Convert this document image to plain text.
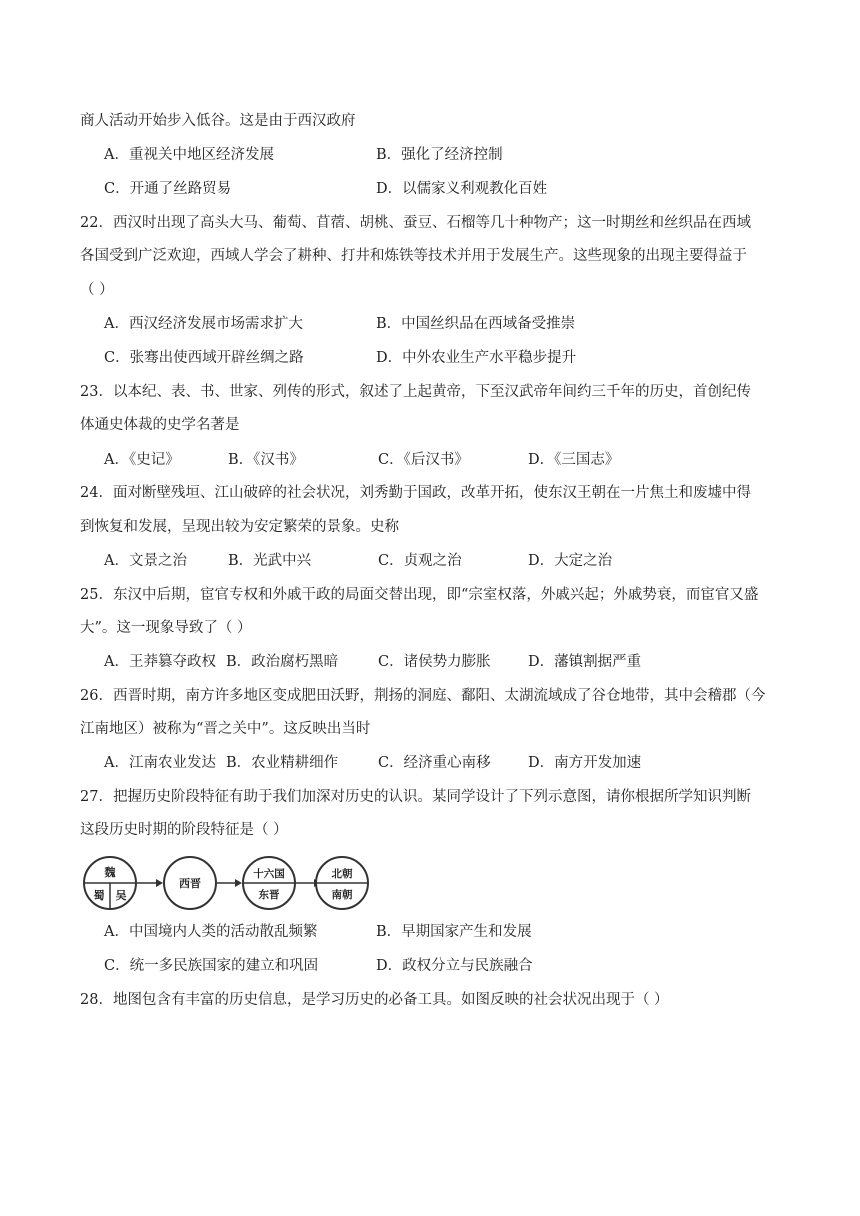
商人活动开始步入低谷。这是由于西汉政府
A．重视关中地区经济发展	B．强化了经济控制
C．开通了丝路贸易	D．以儒家义利观教化百姓
22．西汉时出现了高头大马、葡萄、苜蓿、胡桃、蚕豆、石榴等几十种物产；这一时期丝和丝织品在西域
各国受到广泛欢迎，西域人学会了耕种、打井和炼铁等技术并用于发展生产。这些现象的出现主要得益于
（ ）
A．西汉经济发展市场需求扩大	B．中国丝织品在西域备受推崇
C．张骞出使西域开辟丝绸之路	D．中外农业生产水平稳步提升
23．以本纪、表、书、世家、列传的形式，叙述了上起黄帝，下至汉武帝年间约三千年的历史，首创纪传
体通史体裁的史学名著是
A．《史记》	B．《汉书》	C．《后汉书》	D．《三国志》
24．面对断壁残垣、江山破碎的社会状况，刘秀勤于国政，改革开拓，使东汉王朝在一片焦土和废墟中得
到恢复和发展，呈现出较为安定繁荣的景象。史称
A．文景之治	B．光武中兴	C．贞观之治	D．大定之治
25．东汉中后期，宦官专权和外戚干政的局面交替出现，即“宗室权落，外戚兴起；外戚势衰，而宦官又盛
大”。这一现象导致了（ ）
A．王莽篡夺政权 B．政治腐朽黑暗	C．诸侯势力膨胀	D．藩镇割据严重
26．西晋时期，南方许多地区变成肥田沃野，荆扬的洞庭、鄱阳、太湖流域成了谷仓地带，其中会稽郡（今
江南地区）被称为“晋之关中”。这反映出当时
A．江南农业发达 B．农业精耕细作	C．经济重心南移	D．南方开发加速
27．把握历史阶段特征有助于我们加深对历史的认识。某同学设计了下列示意图，请你根据所学知识判断
这段历史时期的阶段特征是（ ）
魏
蜀 吴
西晋
十六国
东晋
北朝
南朝
A．中国境内人类的活动散乱频繁	B．早期国家产生和发展
C．统一多民族国家的建立和巩固	D．政权分立与民族融合
28．地图包含有丰富的历史信息，是学习历史的必备工具。如图反映的社会状况出现于（ ）
